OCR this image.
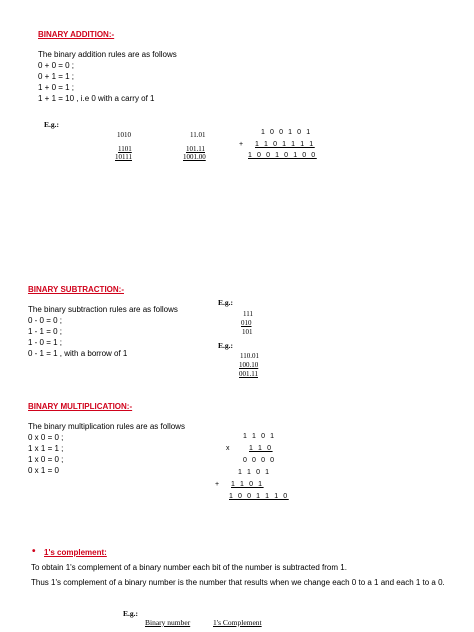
BINARY ADDITION:-
The binary addition rules are as follows
0 + 0 = 0 ;
0 + 1 = 1 ;
1 + 0 = 1 ;
1 + 1 = 10 , i.e 0 with a carry of 1
E.g.:
1010
1101
10111
11.01
101.11
1001.00
1 0 0 1 0 1
+ 1 1 0 1 1 1 1
1 0 0 1 0 1 0 0
BINARY SUBTRACTION:-
The binary subtraction rules are as follows
0 - 0 = 0 ;
1 - 1 = 0 ;
1 - 0 = 1 ;
0 - 1 = 1 , with a borrow of 1
E.g.:
111
010
101
E.g.:
110.01
100.10
001.11
BINARY MULTIPLICATION:-
The binary multiplication rules are as follows
0 x 0 = 0 ;
1 x 1 = 1 ;
1 x 0 = 0 ;
0 x 1 = 0
1 1 0 1
x	1 1 0
0 0 0 0
1 1 0 1
+ 1 1 0 1
1 0 0 1 1 1 0
• 1's complement:
To obtain 1's complement of a binary number each bit of the number is subtracted from 1.
Thus 1's complement of a binary number is the number that results when we change each 0 to a 1 and each 1 to a 0.
E.g.:
Binary number	1's Complement
